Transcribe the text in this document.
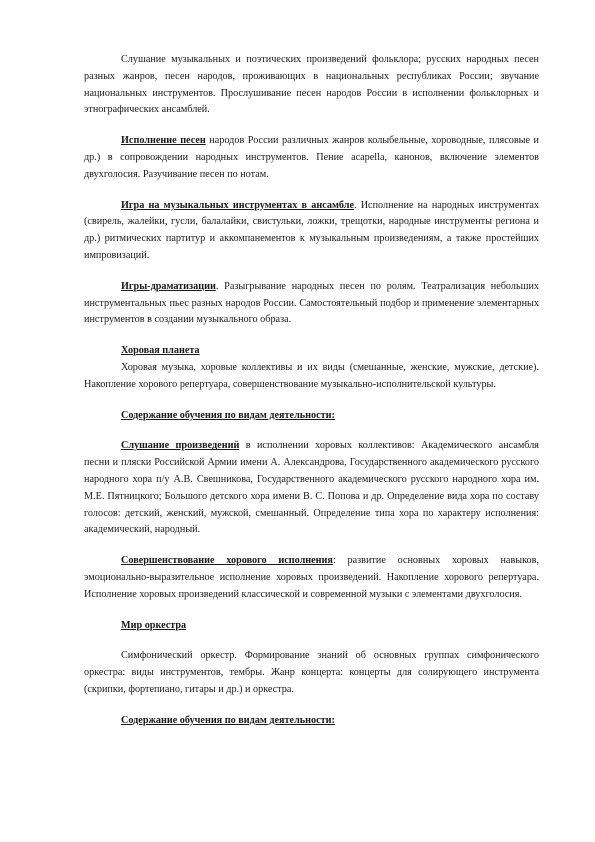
Слушание музыкальных и поэтических произведений фольклора; русских народных песен разных жанров, песен народов, проживающих в национальных республиках России; звучание национальных инструментов. Прослушивание песен народов России в исполнении фольклорных и этнографических ансамблей.

Исполнение песен народов России различных жанров колыбельные, хороводные, плясовые и др.) в сопровождении народных инструментов. Пение acapella, канонов, включение элементов двухголосия. Разучивание песен по нотам.

Игра на музыкальных инструментах в ансамбле. Исполнение на народных инструментах (свирель, жалейки, гусли, балалайки, свистульки, ложки, трещотки, народные инструменты региона и др.) ритмических партитур и аккомпанементов к музыкальным произведениям, а также простейших импровизаций.

Игры-драматизации. Разыгрывание народных песен по ролям. Театрализация небольших инструментальных пьес разных народов России. Самостоятельный подбор и применение элементарных инструментов в создании музыкального образа.

Хоровая планета

Хоровая музыка, хоровые коллективы и их виды (смешанные, женские, мужские, детские). Накопление хорового репертуара, совершенствование музыкально-исполнительской культуры.

Содержание обучения по видам деятельности:

Слушание произведений в исполнении хоровых коллективов: Академического ансамбля песни и пляски Российской Армии имени А. Александрова, Государственного академического русского народного хора п/у А.В. Свешникова, Государственного академического русского народного хора им. М.Е. Пятницкого; Большого детского хора имени В. С. Попова и др. Определение вида хора по составу голосов: детский, женский, мужской, смешанный. Определение типа хора по характеру исполнения: академический, народный.

Совершенствование хорового исполнения: развитие основных хоровых навыков, эмоционально-выразительное исполнение хоровых произведений. Накопление хорового репертуара. Исполнение хоровых произведений классической и современной музыки с элементами двухголосия.

Мир оркестра

Симфонический оркестр. Формирование знаний об основных группах симфонического оркестра: виды инструментов, тембры. Жанр концерта: концерты для солирующего инструмента (скрипки, фортепиано, гитары и др.) и оркестра.

Содержание обучения по видам деятельности:
